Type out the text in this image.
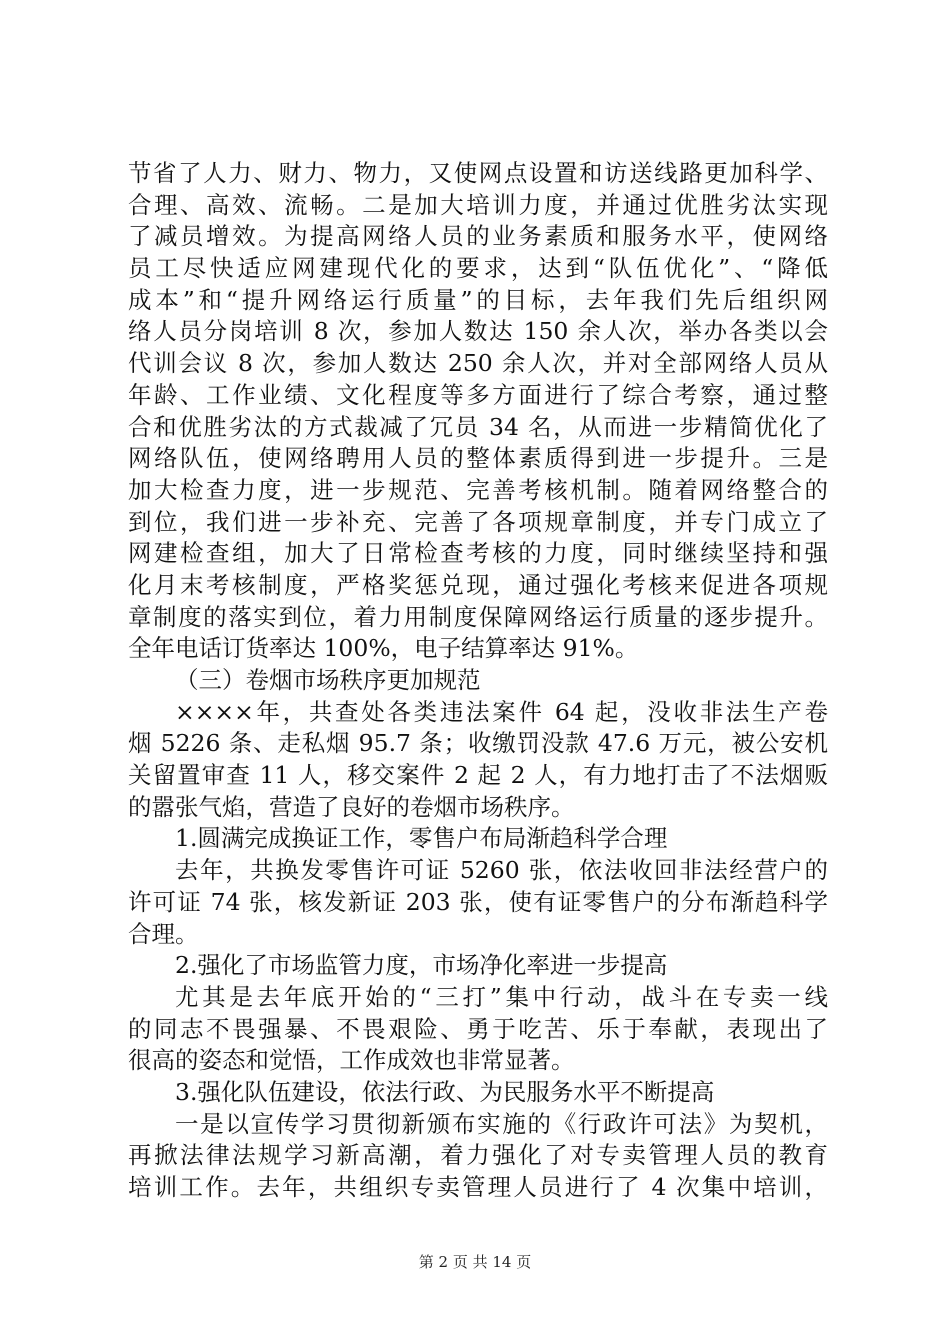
节省了人力、财力、物力，又使网点设置和访送线路更加科学、
合理、高效、流畅。二是加大培训力度，并通过优胜劣汰实现
了减员增效。为提高网络人员的业务素质和服务水平，使网络
员工尽快适应网建现代化的要求，达到“队伍优化”、“降低
成本”和“提升网络运行质量”的目标，去年我们先后组织网
络人员分岗培训 8 次，参加人数达 150 余人次，举办各类以会
代训会议 8 次，参加人数达 250 余人次，并对全部网络人员从
年龄、工作业绩、文化程度等多方面进行了综合考察，通过整
合和优胜劣汰的方式裁减了冗员 34 名，从而进一步精简优化了
网络队伍，使网络聘用人员的整体素质得到进一步提升。三是
加大检查力度，进一步规范、完善考核机制。随着网络整合的
到位，我们进一步补充、完善了各项规章制度，并专门成立了
网建检查组，加大了日常检查考核的力度，同时继续坚持和强
化月末考核制度，严格奖惩兑现，通过强化考核来促进各项规
章制度的落实到位，着力用制度保障网络运行质量的逐步提升。
全年电话订货率达 100%，电子结算率达 91%。
（三）卷烟市场秩序更加规范
××××年，共查处各类违法案件 64 起，没收非法生产卷
烟 5226 条、走私烟 95.7 条；收缴罚没款 47.6 万元，被公安机
关留置审查 11 人，移交案件 2 起 2 人，有力地打击了不法烟贩
的嚣张气焰，营造了良好的卷烟市场秩序。
1.圆满完成换证工作，零售户布局渐趋科学合理
去年，共换发零售许可证 5260 张，依法收回非法经营户的
许可证 74 张，核发新证 203 张，使有证零售户的分布渐趋科学
合理。
2.强化了市场监管力度，市场净化率进一步提高
尤其是去年底开始的“三打”集中行动，战斗在专卖一线
的同志不畏强暴、不畏艰险、勇于吃苦、乐于奉献，表现出了
很高的姿态和觉悟，工作成效也非常显著。
3.强化队伍建设，依法行政、为民服务水平不断提高
一是以宣传学习贯彻新颁布实施的《行政许可法》为契机，
再掀法律法规学习新高潮，着力强化了对专卖管理人员的教育
培训工作。去年，共组织专卖管理人员进行了 4 次集中培训，
第 2 页 共 14 页
